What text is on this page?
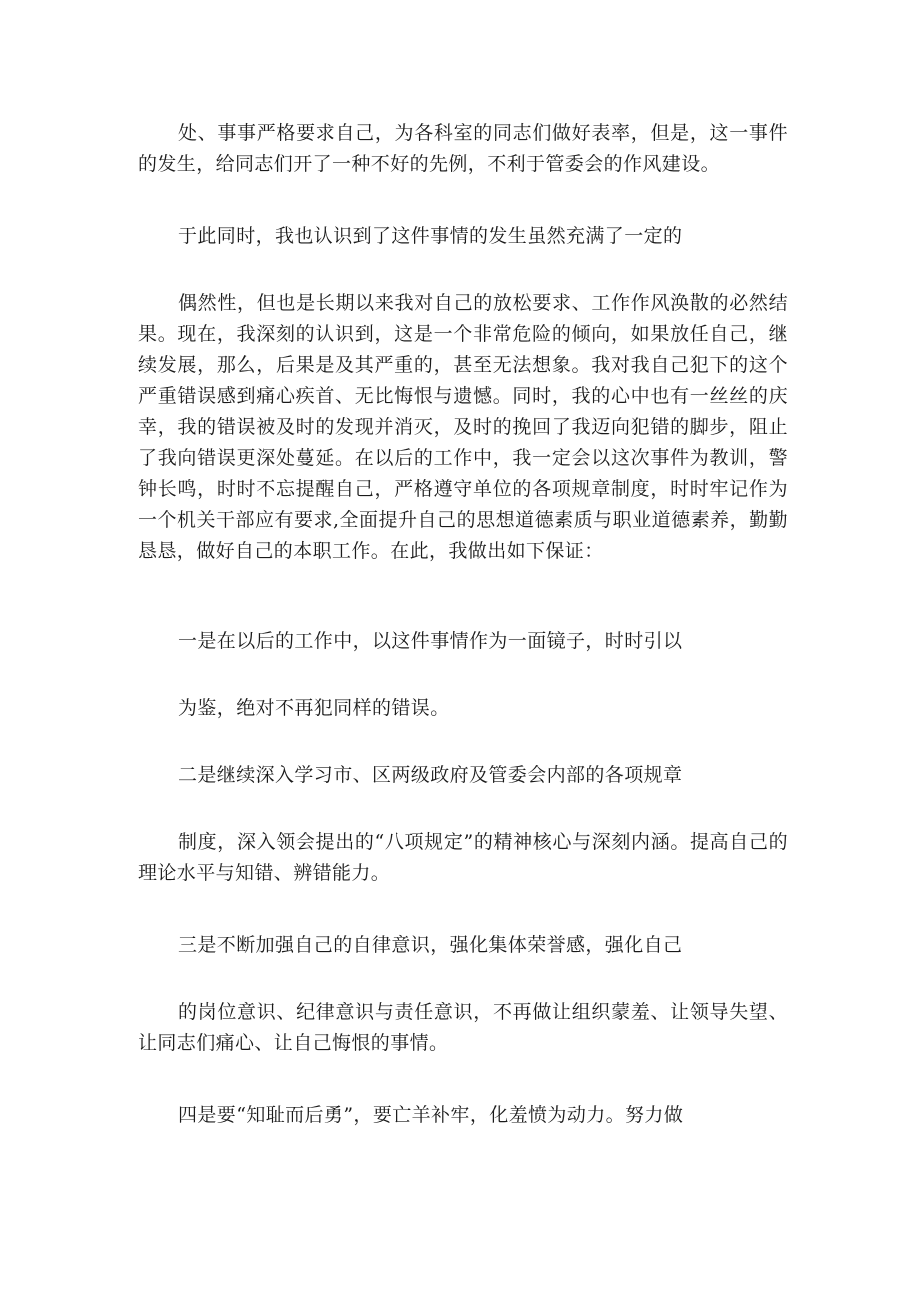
处、事事严格要求自己，为各科室的同志们做好表率，但是，这一事件的发生，给同志们开了一种不好的先例，不利于管委会的作风建设。

于此同时，我也认识到了这件事情的发生虽然充满了一定的

偶然性，但也是长期以来我对自己的放松要求、工作作风涣散的必然结果。现在，我深刻的认识到，这是一个非常危险的倾向，如果放任自己，继续发展，那么，后果是及其严重的，甚至无法想象。我对我自己犯下的这个严重错误感到痛心疾首、无比悔恨与遗憾。同时，我的心中也有一丝丝的庆幸，我的错误被及时的发现并消灭，及时的挽回了我迈向犯错的脚步，阻止了我向错误更深处蔓延。在以后的工作中，我一定会以这次事件为教训，警钟长鸣，时时不忘提醒自己，严格遵守单位的各项规章制度，时时牢记作为一个机关干部应有要求,全面提升自己的思想道德素质与职业道德素养，勤勤恳恳，做好自己的本职工作。在此，我做出如下保证：

一是在以后的工作中，以这件事情作为一面镜子，时时引以

为鉴，绝对不再犯同样的错误。

二是继续深入学习市、区两级政府及管委会内部的各项规章

制度，深入领会提出的“八项规定”的精神核心与深刻内涵。提高自己的理论水平与知错、辨错能力。

三是不断加强自己的自律意识，强化集体荣誉感，强化自己

的岗位意识、纪律意识与责任意识，不再做让组织蒙羞、让领导失望、让同志们痛心、让自己悔恨的事情。

四是要“知耻而后勇”，要亡羊补牢，化羞愤为动力。努力做
